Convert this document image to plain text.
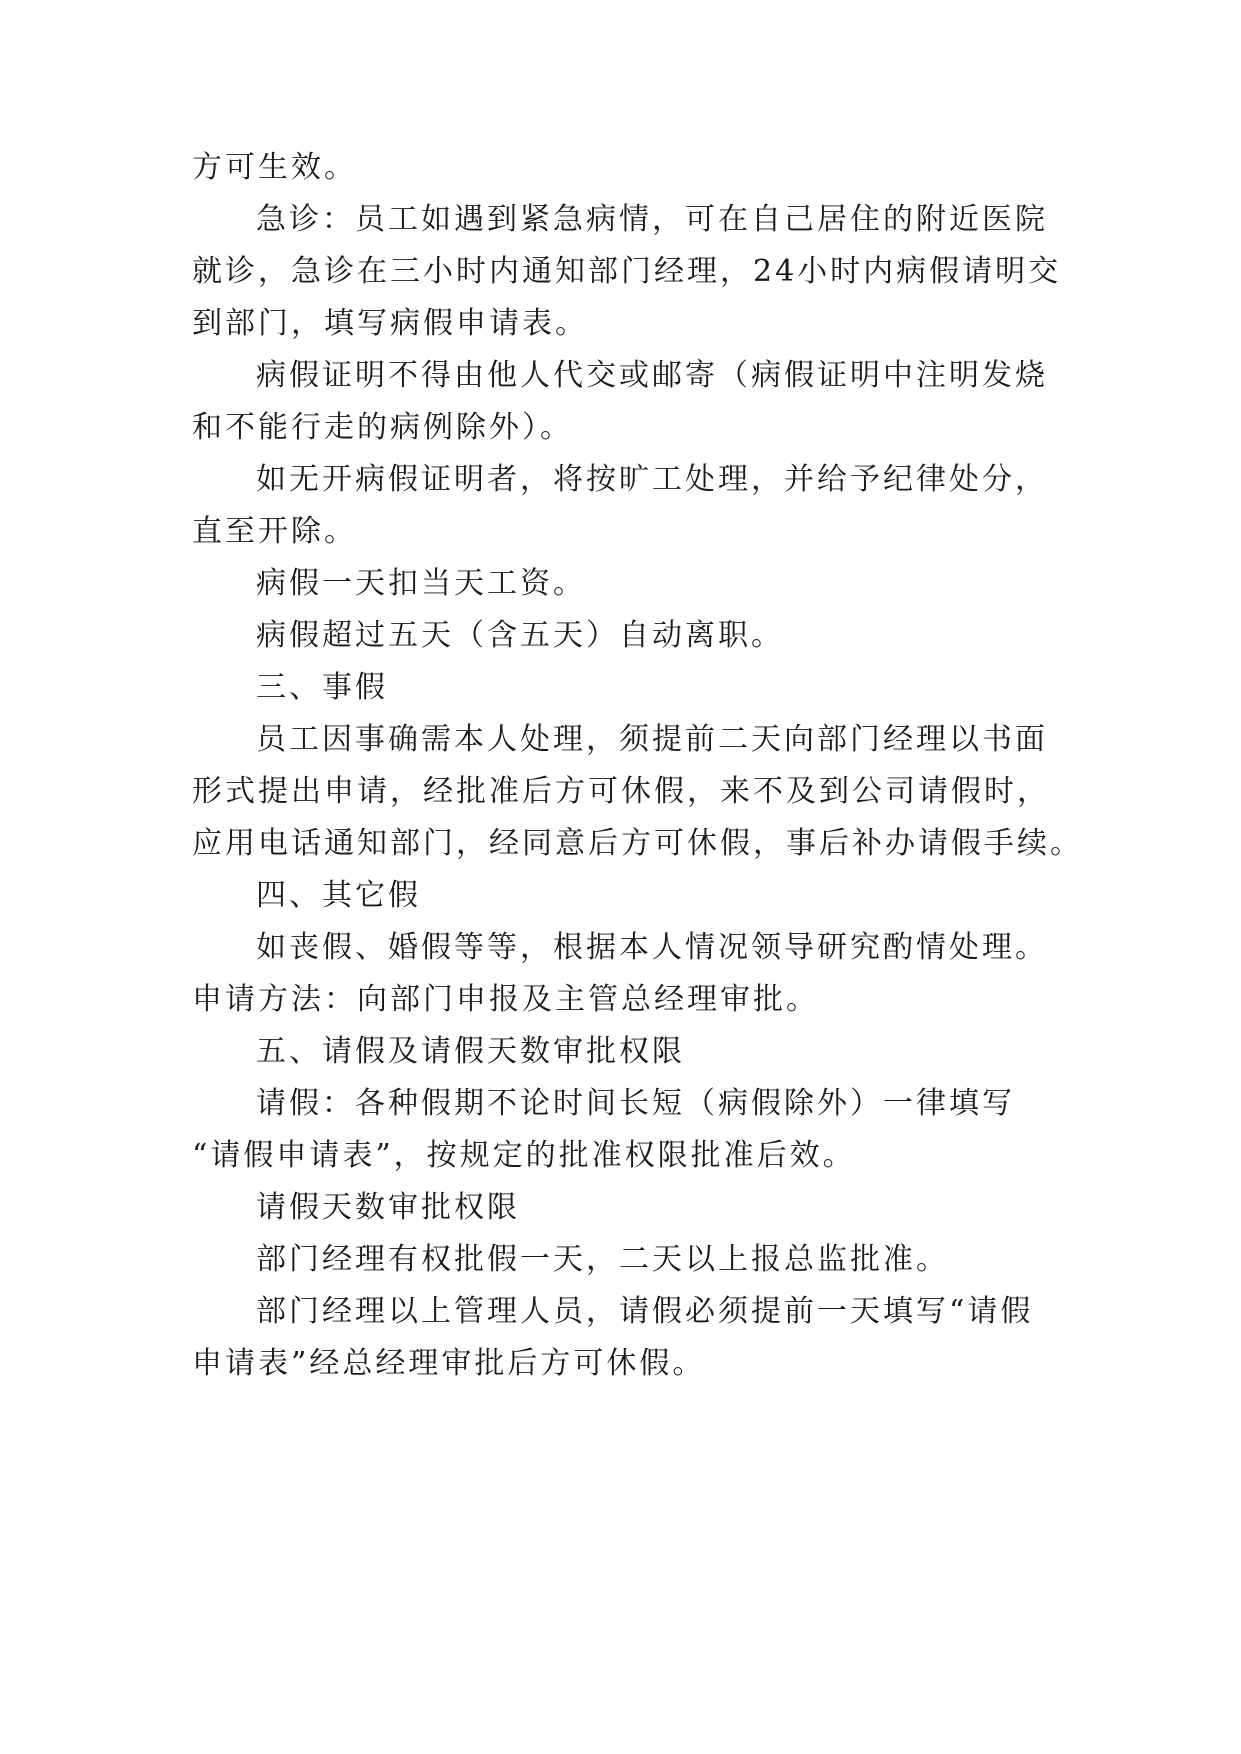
方可生效。
急诊：员工如遇到紧急病情，可在自己居住的附近医院
就诊，急诊在三小时内通知部门经理，24小时内病假请明交
到部门，填写病假申请表。
病假证明不得由他人代交或邮寄（病假证明中注明发烧
和不能行走的病例除外）。
如无开病假证明者，将按旷工处理，并给予纪律处分，
直至开除。
病假一天扣当天工资。
病假超过五天（含五天）自动离职。
三、事假
员工因事确需本人处理，须提前二天向部门经理以书面
形式提出申请，经批准后方可休假，来不及到公司请假时，
应用电话通知部门，经同意后方可休假，事后补办请假手续。
四、其它假
如丧假、婚假等等，根据本人情况领导研究酌情处理。
申请方法：向部门申报及主管总经理审批。
五、请假及请假天数审批权限
请假：各种假期不论时间长短（病假除外）一律填写
“请假申请表”，按规定的批准权限批准后效。
请假天数审批权限
部门经理有权批假一天，二天以上报总监批准。
部门经理以上管理人员，请假必须提前一天填写“请假
申请表”经总经理审批后方可休假。
